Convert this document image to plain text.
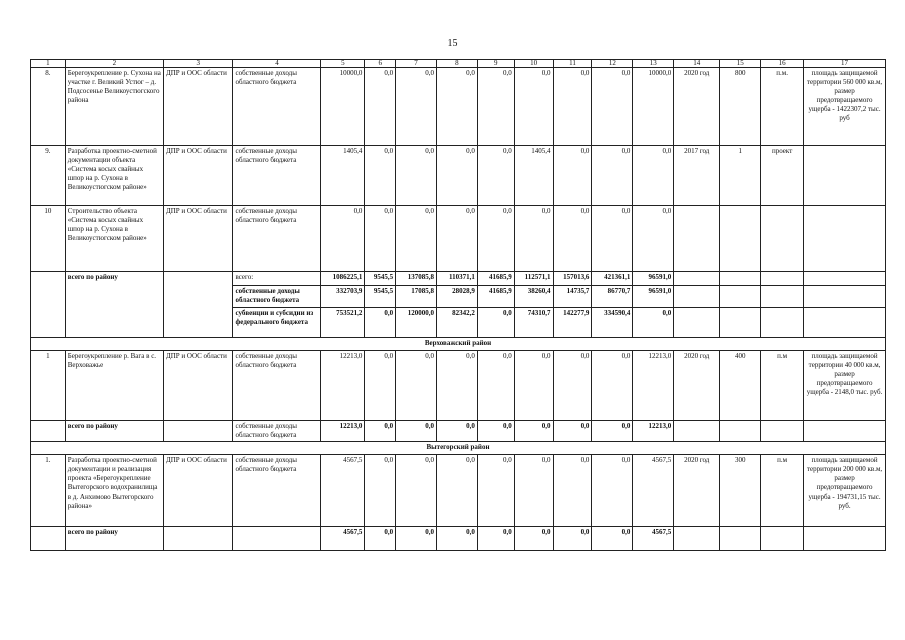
15
1	2	3	4	5	6	7	8	9	10	11	12	13	14	15	16	17
8.	Берегоукрепление р. Сухона на участке г. Великий Устюг – д. Подсосенье Великоустюгского района	ДПР и ООС области	собственные доходы областного бюджета	10000,0	0,0	0,0	0,0	0,0	0,0	0,0	0,0	10000,0	2020 год	800	п.м.	площадь защищаемой территории 560 000 кв.м, размер предотвращаемого ущерба - 1422307,2 тыс. руб
9.	Разработка проектно-сметной документации объекта «Система косых свайных шпор на р. Сухона в Великоустюгском районе»	ДПР и ООС области	собственные доходы областного бюджета	1405,4	0,0	0,0	0,0	0,0	1405,4	0,0	0,0	0,0	2017 год	1	проект	
10	Строительство объекта «Система косых свайных шпор на р. Сухона в Великоустюгском районе»	ДПР и ООС области	собственные доходы областного бюджета	0,0	0,0	0,0	0,0	0,0	0,0	0,0	0,0	0,0				
	всего по району		всего:	1086225,1	9545,5	137085,8	110371,1	41685,9	112571,1	157013,6	421361,1	96591,0				
			собственные доходы областного бюджета	332703,9	9545,5	17085,8	28028,9	41685,9	38260,4	14735,7	86770,7	96591,0				
			субвенции и субсидии из федерального бюджета	753521,2	0,0	120000,0	82342,2	0,0	74310,7	142277,9	334590,4	0,0				
Верховажский район																
1	Берегоукрепление р. Вага в с. Верховажье	ДПР и ООС области	собственные доходы областного бюджета	12213,0	0,0	0,0	0,0	0,0	0,0	0,0	0,0	12213,0	2020 год	400	п.м	площадь защищаемой территории 40 000 кв.м, размер предотвращаемого ущерба - 2148,0 тыс. руб.
	всего по району		собственные доходы областного бюджета	12213,0	0,0	0,0	0,0	0,0	0,0	0,0	0,0	12213,0				
Вытегорский район																
1.	Разработка проектно-сметной документации и реализация проекта «Берегоукрепление Вытегорского водохранилища в д. Анхимово Вытегорского района»	ДПР и ООС области	собственные доходы областного бюджета	4567,5	0,0	0,0	0,0	0,0	0,0	0,0	0,0	4567,5	2020 год	300	п.м	площадь защищаемой территории 200 000 кв.м, размер предотвращаемого ущерба - 194731,15 тыс. руб.
	всего по району			4567,5	0,0	0,0	0,0	0,0	0,0	0,0	0,0	4567,5				
